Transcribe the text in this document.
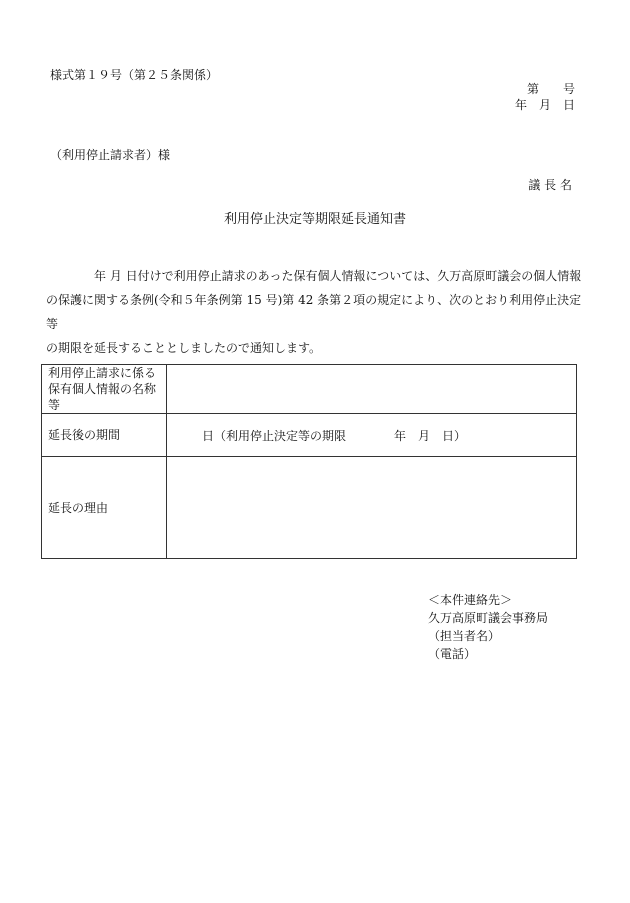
様式第１９号（第２５条関係）
第　　号
年　月　日
（利用停止請求者）様
議 長 名
利用停止決定等期限延長通知書
年 月 日付けで利用停止請求のあった保有個人情報については、久万高原町議会の個人情報
の保護に関する条例(令和５年条例第 15 号)第 42 条第２項の規定により、次のとおり利用停止決定等
の期限を延長することとしましたので通知します。
利用停止請求に係る
保有個人情報の名称
等	

延長後の期間	日（利用停止決定等の期限　　　　年　月　日）
延長の理由	
＜本件連絡先＞
久万高原町議会事務局
（担当者名）
（電話）
